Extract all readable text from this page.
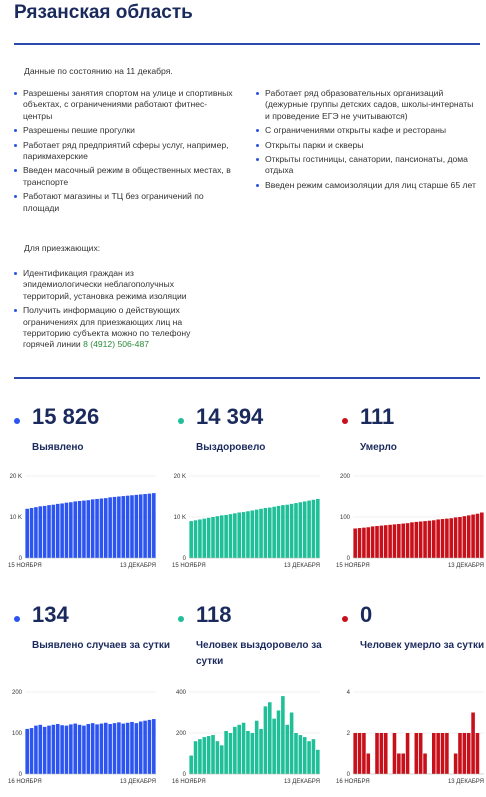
Рязанская область
Данные по состоянию на 11 декабря.
Разрешены занятия спортом на улице и спортивных объектах, с ограничениями работают фитнес-центры
Разрешены пешие прогулки
Работает ряд предприятий сферы услуг, например, парикмахерские
Введен масочный режим в общественных местах, в транспорте
Работают магазины и ТЦ без ограничений по площади
Работает ряд образовательных организаций (дежурные группы детских садов, школы-интернаты и проведение ЕГЭ не учитываются)
С ограничениями открыты кафе и рестораны
Открыты парки и скверы
Открыты гостиницы, санатории, пансионаты, дома отдыха
Введен режим самоизоляции для лиц старше 65 лет
Для приезжающих:
Идентификация граждан из эпидемиологически неблагополучных территорий, установка режима изоляции
Получить информацию о действующих ограничениях для приезжающих лиц на территорию субъекта можно по телефону горячей линии 8 (4912) 506-487
15 826
Выявлено
14 394
Выздоровело
111
Умерло
134
Выявлено случаев за сутки
118
Человек выздоровело за сутки
0
Человек умерло за сутки
0
10 K
20 K
15 НОЯБРЯ	13 ДЕКАБРЯ
0
10 K
20 K
15 НОЯБРЯ	13 ДЕКАБРЯ
0
100
200
15 НОЯБРЯ	13 ДЕКАБРЯ
0
100
200
16 НОЯБРЯ	13 ДЕКАБРЯ
0
200
400
16 НОЯБРЯ	13 ДЕКАБРЯ
0
2
4
16 НОЯБРЯ	13 ДЕКАБРЯ
